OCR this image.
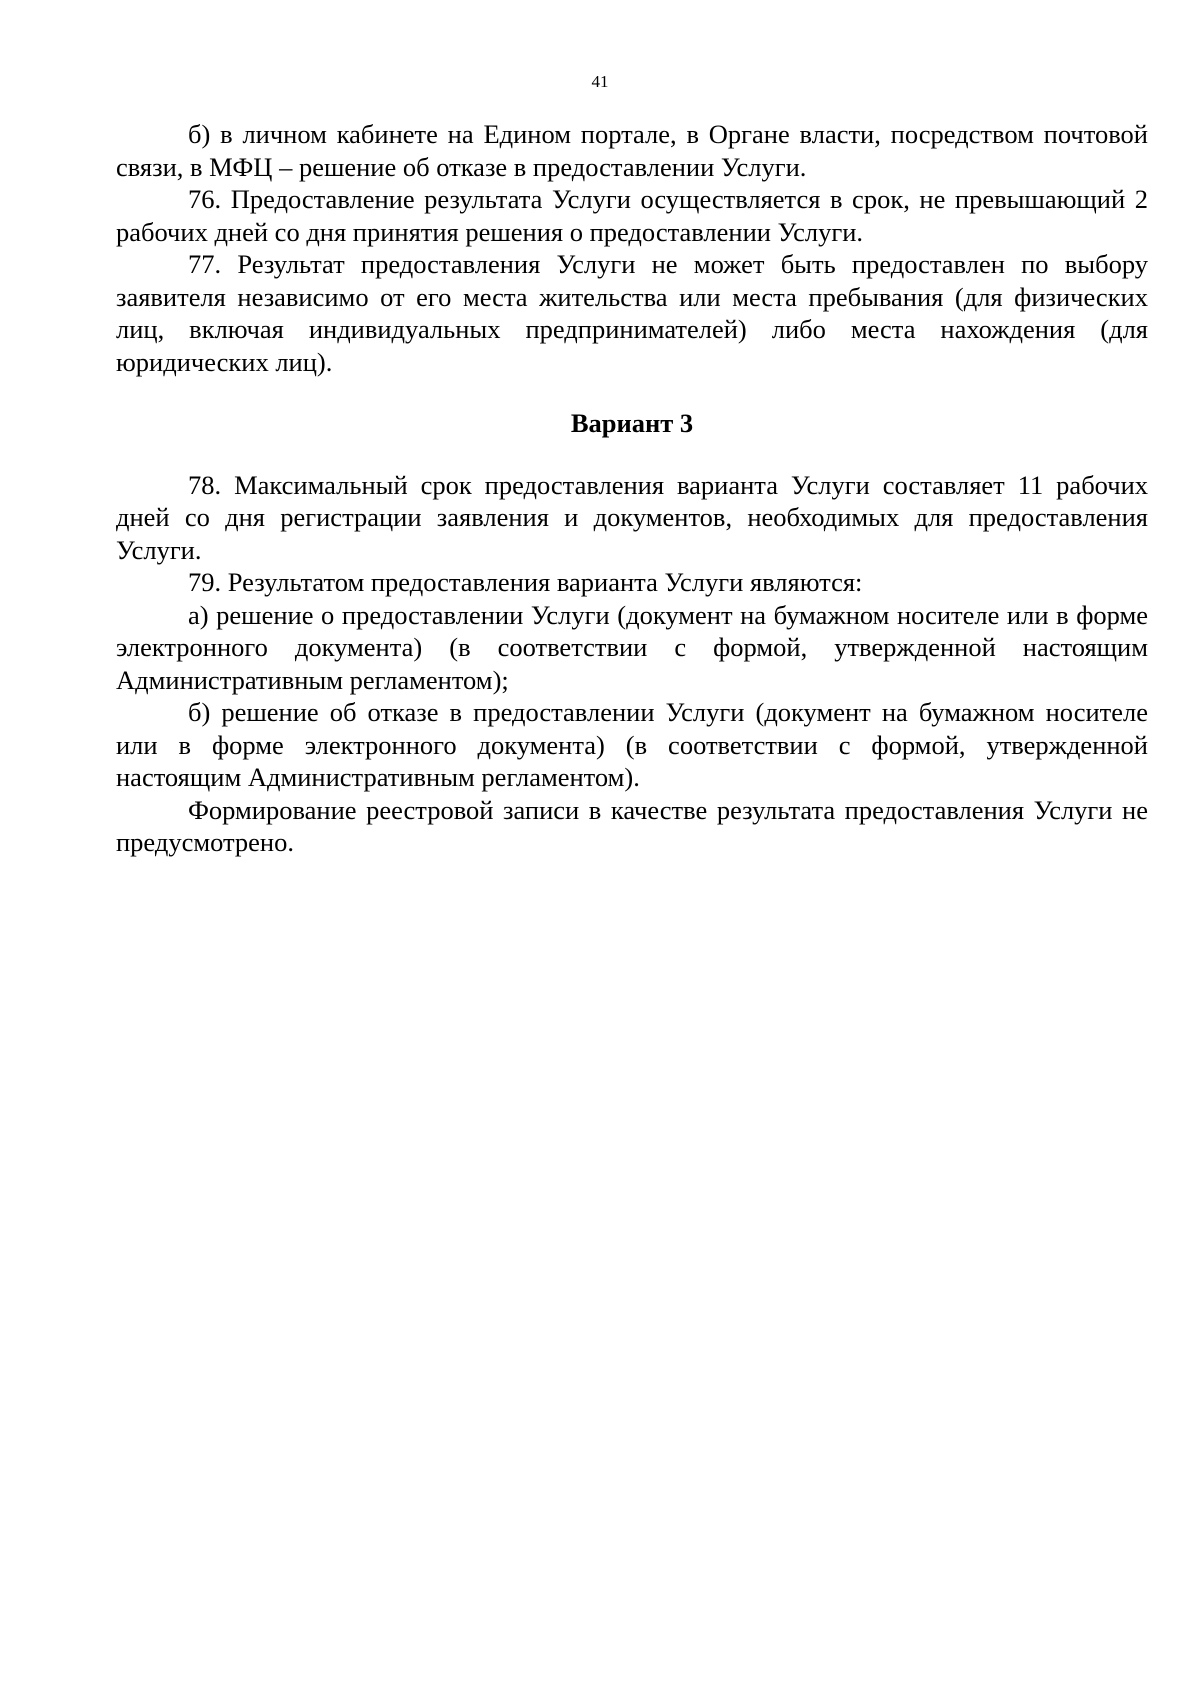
41

б) в личном кабинете на Едином портале, в Органе власти, посредством почтовой связи, в МФЦ – решение об отказе в предоставлении Услуги.

76. Предоставление результата Услуги осуществляется в срок, не превышающий 2 рабочих дней со дня принятия решения о предоставлении Услуги.

77. Результат предоставления Услуги не может быть предоставлен по выбору заявителя независимо от его места жительства или места пребывания (для физических лиц, включая индивидуальных предпринимателей) либо места нахождения (для юридических лиц).

Вариант 3

78. Максимальный срок предоставления варианта Услуги составляет 11 рабочих дней со дня регистрации заявления и документов, необходимых для предоставления Услуги.

79. Результатом предоставления варианта Услуги являются:

а) решение о предоставлении Услуги (документ на бумажном носителе или в форме электронного документа) (в соответствии с формой, утвержденной настоящим Административным регламентом);

б) решение об отказе в предоставлении Услуги (документ на бумажном носителе или в форме электронного документа) (в соответствии с формой, утвержденной настоящим Административным регламентом).

Формирование реестровой записи в качестве результата предоставления Услуги не предусмотрено.
